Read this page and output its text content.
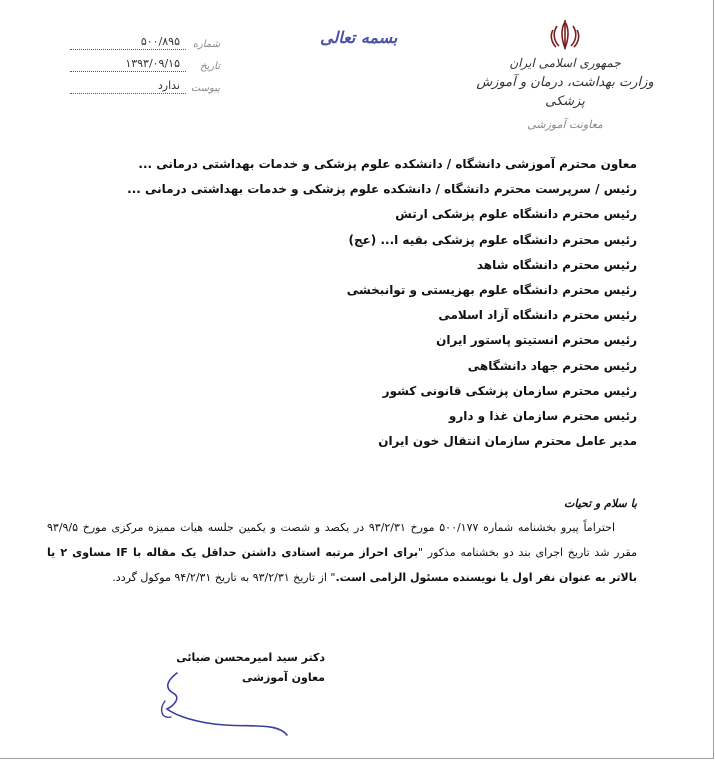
جمهوری اسلامی ایران
وزارت بهداشت، درمان و آموزش پزشکی
معاونت آموزشی
بسمه تعالی
شماره
۵۰۰/۸۹۵
تاریخ
۱۳۹۳/۰۹/۱۵
پیوست
ندارد
معاون محترم آموزشی دانشگاه / دانشکده علوم پزشکی و خدمات بهداشتی درمانی ...
رئیس / سرپرست محترم دانشگاه / دانشکده علوم پزشکی و خدمات بهداشتی درمانی ...
رئیس محترم دانشگاه علوم پزشکی ارتش
رئیس محترم دانشگاه علوم پزشکی بقیه ا... (عج)
رئیس محترم دانشگاه شاهد
رئیس محترم دانشگاه علوم بهزیستی و توانبخشی
رئیس محترم دانشگاه آزاد اسلامی
رئیس محترم انستیتو پاستور ایران
رئیس محترم جهاد دانشگاهی
رئیس محترم سازمان پزشکی قانونی کشور
رئیس محترم سازمان غذا و دارو
مدیر عامل محترم سازمان انتقال خون ایران
با سلام و تحیات
احتراماً پیرو بخشنامه شماره ۵۰۰/۱۷۷ مورخ ۹۳/۲/۳۱ در یکصد و شصت و یکمین جلسه هیات ممیزه مرکزی مورخ ۹۳/۹/۵ مقرر شد تاریخ اجرای بند دو بخشنامه مذکور "برای احراز مرتبه استادی داشتن حداقل یک مقاله با IF مساوی ۲ یا بالاتر به عنوان نفر اول یا نویسنده مسئول الزامی است." از تاریخ ۹۳/۲/۳۱ به تاریخ ۹۴/۲/۳۱ موکول گردد.
دکتر سید امیرمحسن ضیائی
معاون آموزشی
